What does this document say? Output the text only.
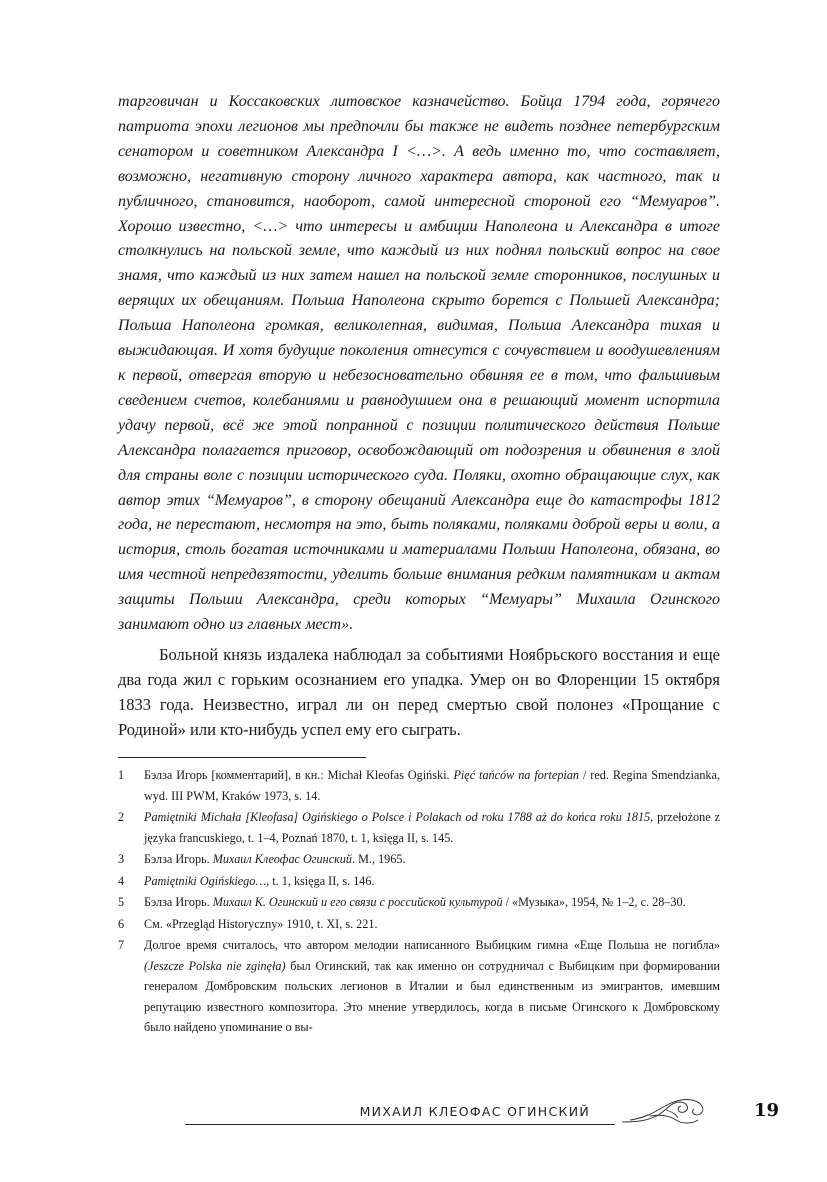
тарговичан и Коссаковских литовское казначейство. Бойца 1794 года, горячего патриота эпохи легионов мы предпочли бы также не видеть позднее петербургским сенатором и советником Александра I <…>. А ведь именно то, что составляет, возможно, негативную сторону личного характера автора, как частного, так и публичного, становится, наоборот, самой интересной стороной его “Мемуаров”. Хорошо известно, <…> что интересы и амбиции Наполеона и Александра в итоге столкнулись на польской земле, что каждый из них поднял польский вопрос на свое знамя, что каждый из них затем нашел на польской земле сторонников, послушных и верящих их обещаниям. Польша Наполеона скрыто борется с Польшей Александра; Польша Наполеона громкая, великолепная, видимая, Польша Александра тихая и выжидающая. И хотя будущие поколения отнесутся с сочувствием и воодушевлениям к первой, отвергая вторую и небезосновательно обвиняя ее в том, что фальшивым сведением счетов, колебаниями и равнодушием она в решающий момент испортила удачу первой, всё же этой попранной с позиции политического действия Польше Александра полагается приговор, освобождающий от подозрения и обвинения в злой для страны воле с позиции исторического суда. Поляки, охотно обращающие слух, как автор этих “Мемуаров”, в сторону обещаний Александра еще до катастрофы 1812 года, не перестают, несмотря на это, быть поляками, поляками доброй веры и воли, а история, столь богатая источниками и материалами Польши Наполеона, обязана, во имя честной непредвзятости, уделить больше внимания редким памятникам и актам защиты Польши Александра, среди которых “Мемуары” Михаила Огинского занимают одно из главных мест».

Больной князь издалека наблюдал за событиями Ноябрьского восстания и еще два года жил с горьким осознанием его упадка. Умер он во Флоренции 15 октября 1833 года. Неизвестно, играл ли он перед смертью свой полонез «Прощание с Родиной» или кто-нибудь успел ему его сыграть.

1 Бэлза Игорь [комментарий], в кн.: Michał Kleofas Ogiński. Pięć tańców na fortepian / red. Regina Smendzianka, wyd. III PWM, Kraków 1973, s. 14.

2 Pamiętniki Michała [Kleofasa] Ogińskiego o Polsce i Polakach od roku 1788 aż do końca roku 1815, przełożone z języka francuskiego, t. 1–4, Poznań 1870, t. 1, księga II, s. 145.

3 Бэлза Игорь. Михаил Клеофас Огинский. М., 1965.

4 Pamiętniki Ogińskiego…, t. 1, księga II, s. 146.

5 Бэлза Игорь. Михаил К. Огинский и его связи с российской культурой / «Музыка», 1954, № 1–2, с. 28–30.

6 См. «Przegląd Historyczny» 1910, t. XI, s. 221.

7 Долгое время считалось, что автором мелодии написанного Выбицким гимна «Еще Польша не погибла» (Jeszcze Polska nie zginęła) был Огинский, так как именно он сотрудничал с Выбицким при формировании генералом Домбровским польских легионов в Италии и был единственным из эмигрантов, имевшим репутацию известного композитора. Это мнение утвердилось, когда в письме Огинского к Домбровскому было найдено упоминание о вы-

МИХАИЛ КЛЕОФАС ОГИНСКИЙ	19
